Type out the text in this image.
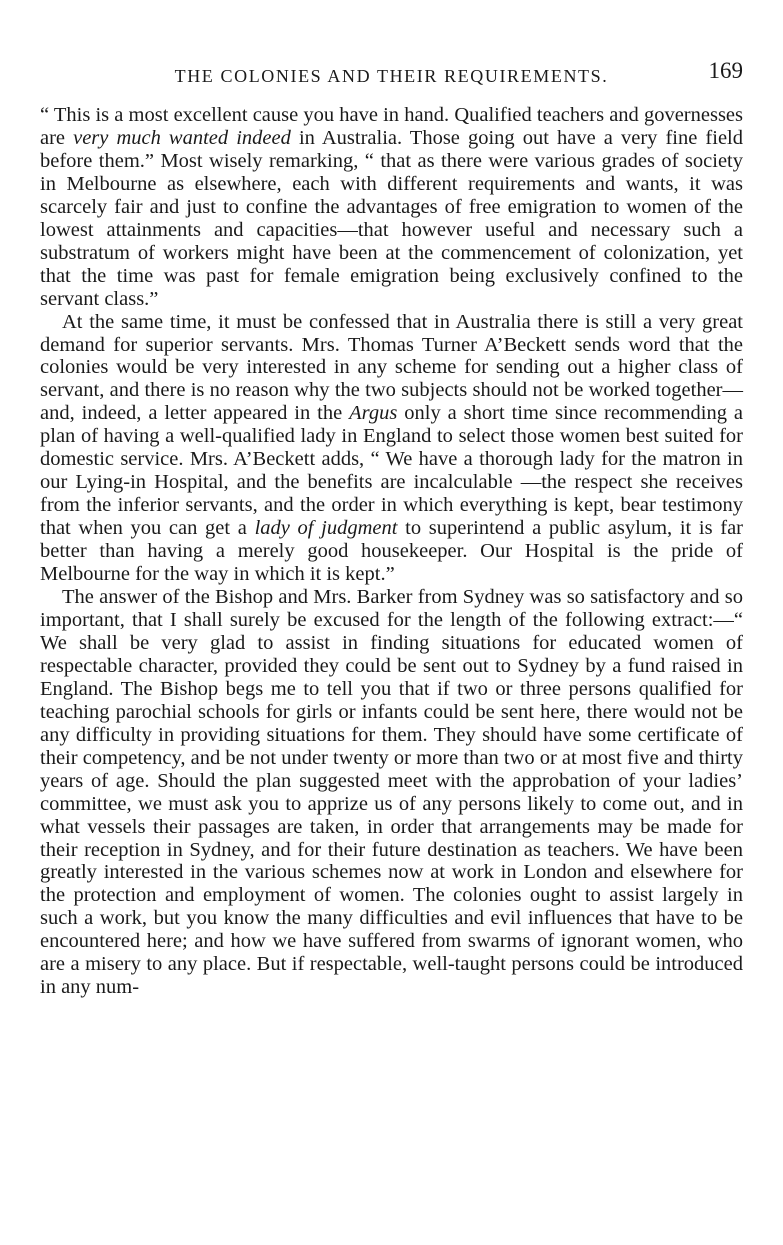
THE COLONIES AND THEIR REQUIREMENTS.	169

“ This is a most excellent cause you have in hand. Qualified teachers and governesses are very much wanted indeed in Australia. Those going out have a very fine field before them.” Most wisely remarking, “ that as there were various grades of society in Melbourne as elsewhere, each with different requirements and wants, it was scarcely fair and just to confine the advantages of free emigration to women of the lowest attainments and capacities—that however useful and necessary such a substratum of workers might have been at the commencement of colonization, yet that the time was past for female emigration being exclusively confined to the servant class.”

At the same time, it must be confessed that in Australia there is still a very great demand for superior servants. Mrs. Thomas Turner A’Beckett sends word that the colonies would be very interested in any scheme for sending out a higher class of servant, and there is no reason why the two subjects should not be worked together—and, indeed, a letter appeared in the Argus only a short time since recommending a plan of having a well-qualified lady in England to select those women best suited for domestic service. Mrs. A’Beckett adds, “ We have a thorough lady for the matron in our Lying-in Hospital, and the benefits are incalculable —the respect she receives from the inferior servants, and the order in which everything is kept, bear testimony that when you can get a lady of judgment to superintend a public asylum, it is far better than having a merely good housekeeper. Our Hospital is the pride of Melbourne for the way in which it is kept.”

The answer of the Bishop and Mrs. Barker from Sydney was so satisfactory and so important, that I shall surely be excused for the length of the following extract:—“ We shall be very glad to assist in finding situations for educated women of respectable character, provided they could be sent out to Sydney by a fund raised in England. The Bishop begs me to tell you that if two or three persons qualified for teaching parochial schools for girls or infants could be sent here, there would not be any difficulty in providing situations for them. They should have some certificate of their competency, and be not under twenty or more than two or at most five and thirty years of age. Should the plan suggested meet with the approbation of your ladies’ committee, we must ask you to apprize us of any persons likely to come out, and in what vessels their passages are taken, in order that arrangements may be made for their reception in Sydney, and for their future destination as teachers. We have been greatly interested in the various schemes now at work in London and elsewhere for the protection and employment of women. The colonies ought to assist largely in such a work, but you know the many difficulties and evil influences that have to be encountered here; and how we have suffered from swarms of ignorant women, who are a misery to any place. But if respectable, well-taught persons could be introduced in any num-
